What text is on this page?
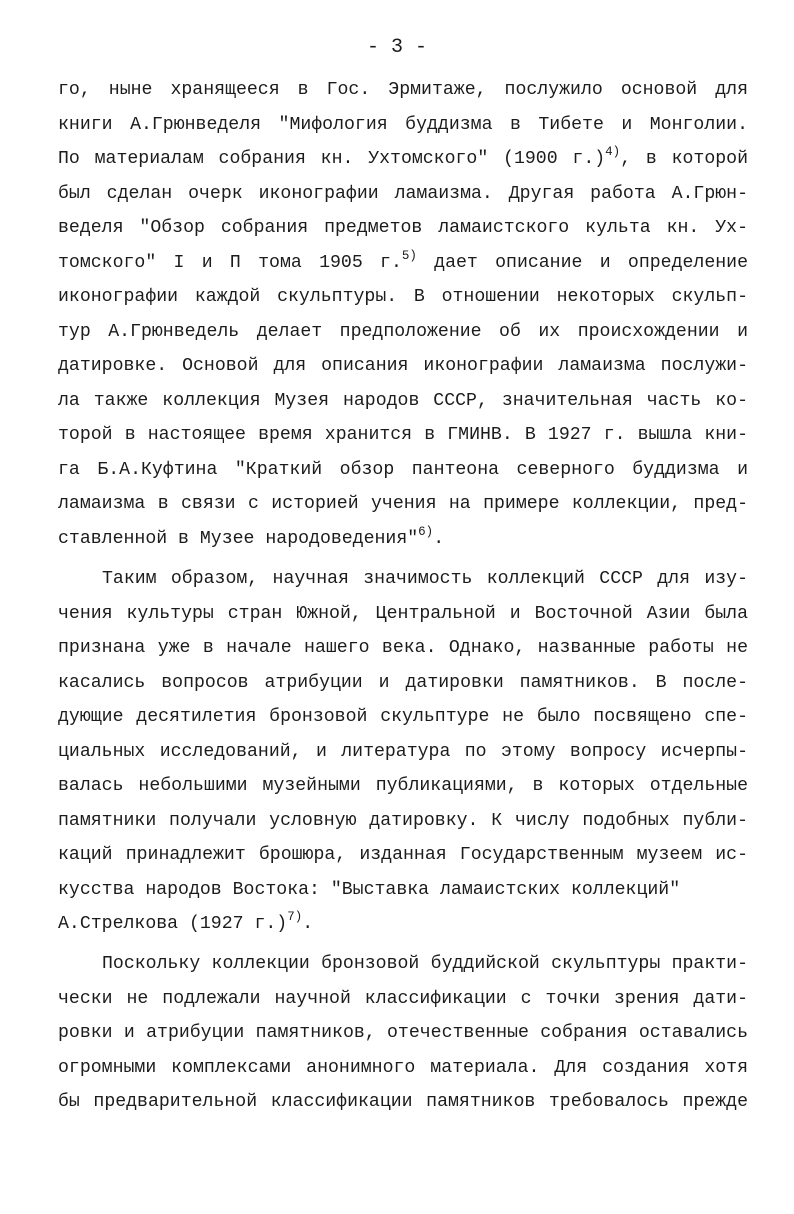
- 3 -
го, ныне хранящееся в Гос. Эрмитаже, послужило основой для
книги А.Грюнведеля "Мифология буддизма в Тибете и Монголии.
По материалам собрания кн. Ухтомского" (1900 г.)$^{4)}$, в которой
был сделан очерк иконографии ламаизма. Другая работа А.Грюн-
веделя "Обзор собрания предметов ламаистского культа кн. Ух-
томского" I и П тома 1905 г.$^{5)}$ дает описание и определение
иконографии каждой скульптуры. В отношении некоторых скульп-
тур А.Грюнведель делает предположение об их происхождении и
датировке. Основой для описания иконографии ламаизма послужи-
ла также коллекция Музея народов СССР, значительная часть ко-
торой в настоящее время хранится в ГМИНВ. В 1927 г. вышла кни-
га Б.А.Куфтина "Краткий обзор пантеона северного буддизма и
ламаизма в связи с историей учения на примере коллекции, пред-
ставленной в Музее народоведения"$^{6)}$.
Таким образом, научная значимость коллекций СССР для изу-
чения культуры стран Южной, Центральной и Восточной Азии была
признана уже в начале нашего века. Однако, названные работы не
касались вопросов атрибуции и датировки памятников. В после-
дующие десятилетия бронзовой скульптуре не было посвящено спе-
циальных исследований, и литература по этому вопросу исчерпы-
валась небольшими музейными публикациями, в которых отдельные
памятники получали условную датировку. К числу подобных публи-
каций принадлежит брошюра, изданная Государственным музеем ис-
кусства народов Востока: "Выставка ламаистских коллекций"
А.Стрелкова (1927 г.)$^{7)}$.
Поскольку коллекции бронзовой буддийской скульптуры практи-
чески не подлежали научной классификации с точки зрения дати-
ровки и атрибуции памятников, отечественные собрания оставались
огромными комплексами анонимного материала. Для создания хотя
бы предварительной классификации памятников требовалось прежде
